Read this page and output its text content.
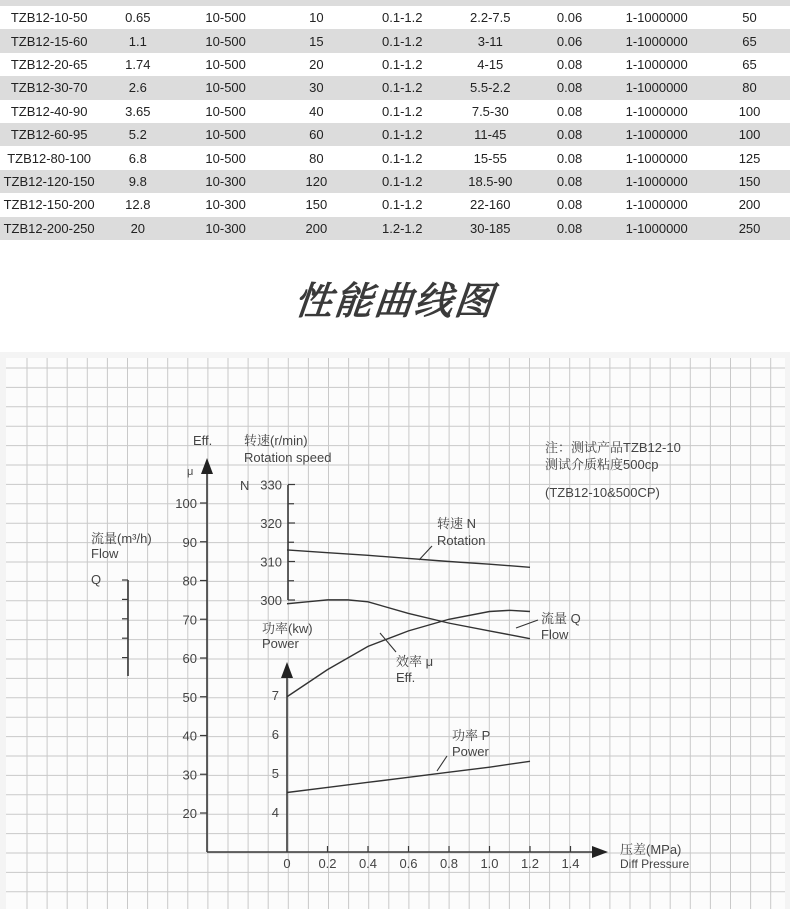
TZB12-10-50	0.65	10-500	10	0.1-1.2	2.2-7.5	0.06	1-1000000	50
TZB12-15-60	1.1	10-500	15	0.1-1.2	3-11	0.06	1-1000000	65
TZB12-20-65	1.74	10-500	20	0.1-1.2	4-15	0.08	1-1000000	65
TZB12-30-70	2.6	10-500	30	0.1-1.2	5.5-2.2	0.08	1-1000000	80
TZB12-40-90	3.65	10-500	40	0.1-1.2	7.5-30	0.08	1-1000000	100
TZB12-60-95	5.2	10-500	60	0.1-1.2	11-45	0.08	1-1000000	100
TZB12-80-100	6.8	10-500	80	0.1-1.2	15-55	0.08	1-1000000	125
TZB12-120-150	9.8	10-300	120	0.1-1.2	18.5-90	0.08	1-1000000	150
TZB12-150-200	12.8	10-300	150	0.1-1.2	22-160	0.08	1-1000000	200
TZB12-200-250	20	10-300	200	1.2-1.2	30-185	0.08	1-1000000	250
性能曲线图
0 0.2 0.4 0.6 0.8 1.0 1.2 1.4
20
30
40
50
60
70
80
90
100
300
310
320
330
4
5
6
7
Eff.
μ
转速(r/min)
Rotation speed
N
流量(m³/h)
Flow
Q
功率(kw)
Power
压差(MPa)
Diff Pressure
注：测试产品TZB12-10
测试介质粘度500cp
(TZB12-10&500CP)
转速 N
Rotation
流量 Q
Flow
效率 μ
Eff.
功率 P
Power
